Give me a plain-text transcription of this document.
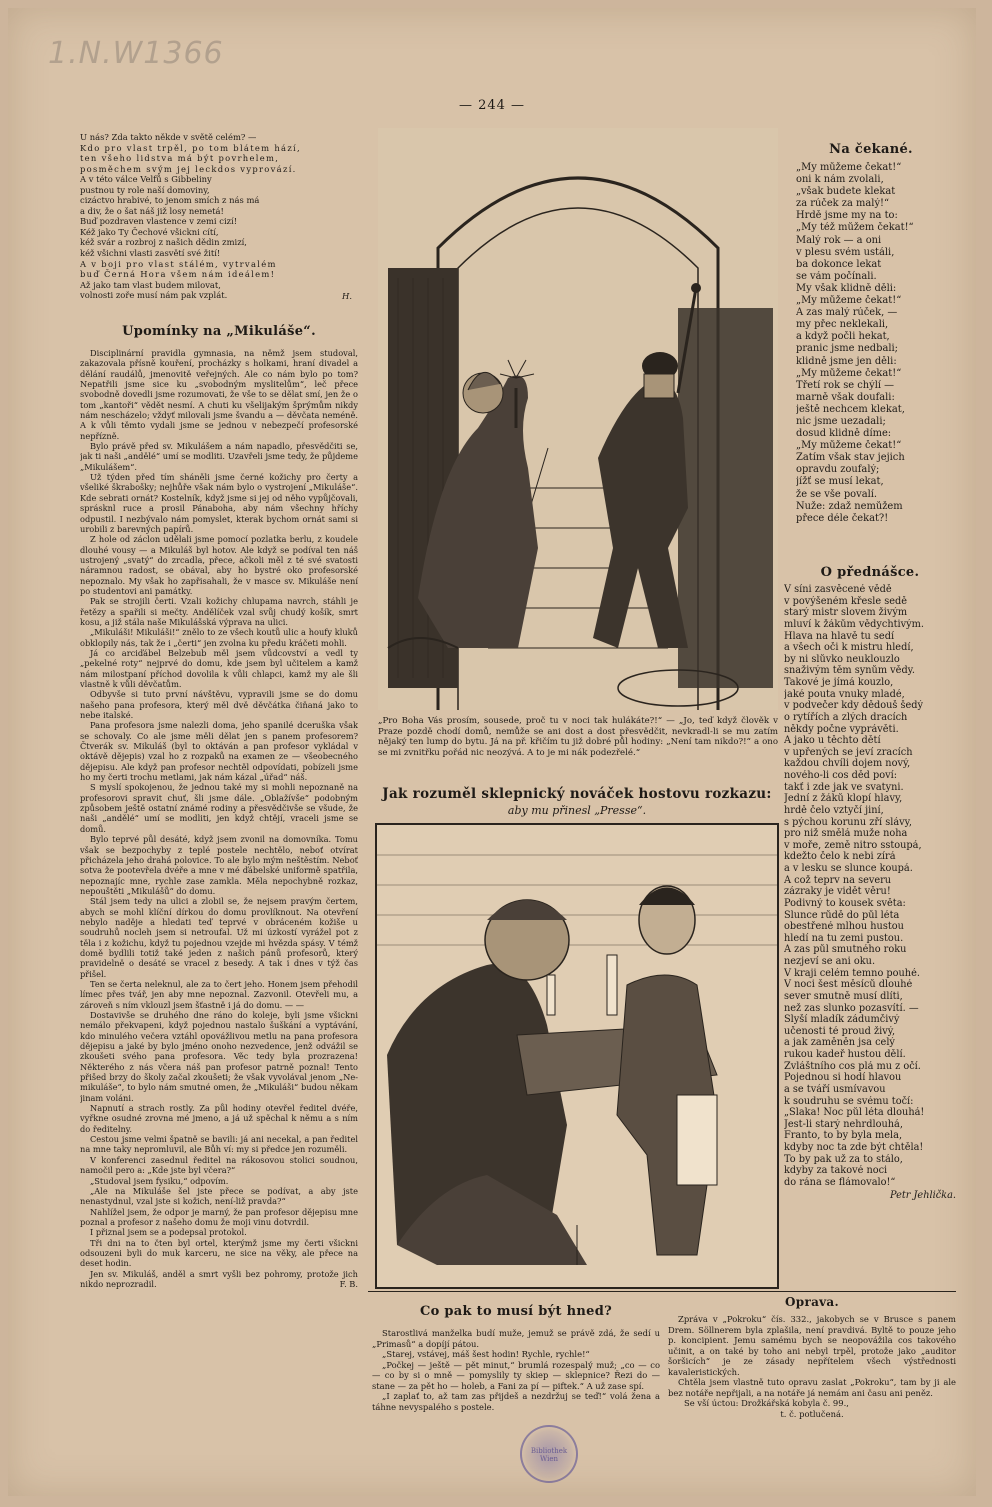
1.N.W1366
— 244 —
U nás? Zda takto někde v světě celém? —
Kdo pro vlast trpěl, po tom blátem hází,
ten všeho lidstva má být povrhelem,
posměchem svým jej leckdos vyprovází.
A v této válce Velfů s Gibbeliny
pustnou ty role naší domoviny,
cizáctvo hrabivé, to jenom smích z nás má
a div, že o šat náš již losy nemetá!
Buď pozdraven vlastence v zemi cizí!
Kéž jako Ty Čechové všickni cítí,
kéž svár a rozbroj z našich dědin zmizí,
kéž všichni vlasti zasvětí své žití!
A v boji pro vlast stálém, vytrvalém
buď Černá Hora všem nám ideálem!
Až jako tam vlast budem milovat,
volnosti zoře musí nám pak vzplát.	H.
Upomínky na „Mikuláše“.

Disciplinární pravidla gymnasia, na němž jsem studoval, zakazovala přísně kouření, procházky s holkami, hraní divadel a dělání raudálů, jmenovitě veřejných. Ale co nám bylo po tom? Nepatřili jsme sice ku „svobodným myslitelům“, leč přece svobodně dovedli jsme rozumovati, že vše to se dělat smí, jen že o tom „kantoři“ vědět nesmí. A chuti ku všelijakým šprýmům nikdy nám nescházelo; vždyť milovali jsme švandu a — děvčata neméně. A k vůli těmto vydali jsme se jednou v nebezpečí profesorské nepřízně.

Bylo právě před sv. Mikulášem a nám napadlo, přesvědčiti se, jak ti naši „andělé“ umí se modliti. Uzavřeli jsme tedy, že půjdeme „Mikulášem“.

Už týden před tím sháněli jsme černé kožichy pro čerty a všeliké škrabošky; nejhůře však nám bylo o vystrojení „Mikuláše“. Kde sebrati ornát? Kostelník, když jsme si jej od něho vypůjčovali, sprásknl ruce a prosil Pánaboha, aby nám všechny hříchy odpustil. I nezbývalo nám pomyslet, kterak bychom ornát sami si urobili z barevných papírů.

Z hole od záclon udělali jsme pomocí pozlatka berlu, z koudele dlouhé vousy — a Mikuláš byl hotov. Ale když se podíval ten náš ustrojený „svatý“ do zrcadla, přece, ačkoli měl z té své svatosti náramnou radost, se obával, aby ho bystré oko profesorské nepoznalo. My však ho zapřisahali, že v masce sv. Mikuláše není po studentovi ani památky.

Pak se strojili čerti. Vzali kožichy chlupama navrch, stáhli je řetězy a spařili si mečty. Andělíček vzal svůj chudý košík, smrt kosu, a již stála naše Mikulášská výprava na ulici.

„Mikuláši! Mikuláši!“ znělo to ze všech koutů ulic a houfy kluků obklopily nás, tak že i „čerti“ jen zvolna ku předu kráčeti mohli.

Já co arciďábel Belzebub měl jsem vůdcovství a vedl ty „pekelné roty“ nejprvé do domu, kde jsem byl učitelem a kamž nám milostpaní příchod dovolila k vůli chlapci, kamž my ale šli vlastně k vůli děvčatům.

Odbyvše si tuto první návštěvu, vypravili jsme se do domu našeho pana profesora, který měl dvě děvčátka čiňaná jako to nebe italské.

Pana profesora jsme nalezli doma, jeho spanilé dceruška však se schovaly. Co ale jsme měli dělat jen s panem profesorem? Čtverák sv. Mikuláš (byl to oktáván a pan profesor vykládal v oktávě dějepis) vzal ho z rozpaků na examen ze — všeobecného dějepisu. Ale když pan profesor nechtěl odpovídati, pobízeli jsme ho my čerti trochu metlami, jak nám kázal „úřad“ náš.

S myslí spokojenou, že jednou také my si mohli nepoznaně na profesorovi spravit chuť, šli jsme dále. „Oblažívše“ podobným způsobem ještě ostatní známé rodiny a přesvědčivše se všude, že naši „andělé“ umí se modliti, jen když chtějí, vraceli jsme se domů.

Bylo teprvé půl desáté, když jsem zvonil na domovníka. Tomu však se bezpochyby z teplé postele nechtělo, neboť otvírat přicházela jeho drahá polovice. To ale bylo mým neštěstím. Neboť sotva že pootevřela dvéře a mne v mé ďábelské uniformě spatřila, nepoznajíc mne, rychle zase zamkla. Měla nepochybně rozkaz, nepouštěti „Mikulášů“ do domu.

Stál jsem tedy na ulici a zlobil se, že nejsem pravým čertem, abych se mohl klíční dírkou do domu provlíknout. Na otevření nebylo naděje a hledati teď teprvé v obráceném kožiše u soudruhů nocleh jsem si netroufal. Už mi úzkostí vyrážel pot z těla i z kožichu, když tu pojednou vzejde mi hvězda spásy. V témž domě bydlili totiž také jeden z našich pánů profesorů, který pravidelně o desáté se vracel z besedy. A tak i dnes v týž čas přišel.

Ten se čerta neleknul, ale za to čert jeho. Honem jsem přehodil límec přes tvář, jen aby mne nepoznal. Zazvonil. Otevřeli mu, a zároveň s ním vklouzl jsem šťastně i já do domu. — —

Dostavivše se druhého dne ráno do koleje, byli jsme všickni nemálo překvapeni, když pojednou nastalo šuškání a vyptávání, kdo minulého večera vztáhl opovážlivou metlu na pana profesora dějepisu a jaké by bylo jméno onoho nezvedence, jenž odvážil se zkoušeti svého pana profesora. Věc tedy byla prozrazena! Některého z nás včera náš pan profesor patrně poznal! Tento přišed brzy do školy začal zkoušeti; že však vyvolával jenom „Ne-mikuláše“, to bylo nám smutné omen, že „Mikuláši“ budou někam jinam voláni.

Napnutí a strach rostly. Za půl hodiny otevřel ředitel dvéře, vyřkne osudné zrovna mé jmeno, a já už spěchal k němu a s ním do ředitelny.

Cestou jsme velmi špatně se bavili: já ani necekal, a pan ředitel na mne taky nepromluvil, ale Bůh ví: my si předce jen rozuměli.

V konferenci zasednul ředitel na rákosovou stolici soudnou, namočil pero a: „Kde jste byl včera?“

„Studoval jsem fysiku,“ odpovím.

„Ale na Mikuláše šel jste přece se podívat, a aby jste nenastydnul, vzal jste si kožich, není-liž pravda?“

Nahlížel jsem, že odpor je marný, že pan profesor dějepisu mne poznal a profesor z našeho domu že moji vinu dotvrdil.

I přiznal jsem se a podepsal protokol.

Tři dni na to čten byl ortel, kterýmž jsme my čerti všickni odsouzeni byli do muk karceru, ne sice na věky, ale přece na deset hodin.

Jen sv. Mikuláš, anděl a smrt vyšli bez pohromy, protože jich nikdo neprozradil.	F. B.
„Pro Boha Vás prosím, sousede, proč tu v noci tak hulákáte?!“ — „Jo, teď když člověk v Praze pozdě chodí domů, nemůže se ani dost a dost přesvědčit, nevkradl-li se mu zatím nějaký ten lump do bytu. Já na př. křičím tu již dobré půl hodiny: „Není tam nikdo?!“ a ono se mi zvnitřku pořád nic neozývá. A to je mi nák podezřelé.“
Jak rozuměl sklepnický nováček hostovu rozkazu:
aby mu přinesl „Presse“.
Na čekané.
„My můžeme čekat!“
oni k nám zvolali,
„však budete klekat
za rúček za malý!“
Hrdě jsme my na to:
„My též můžem čekat!“
Malý rok — a oni
v plesu svém ustáli,
ba dokonce lekat
se vám počínali.
My však klidně děli:
„My můžeme čekat!“
A zas malý rúček, —
my přec neklekali,
a když počli hekat,
pranic jsme nedbali;
klidně jsme jen děli:
„My můžeme čekat!“
Třetí rok se chýlí —
marně však doufali:
ještě nechcem klekat,
nic jsme uezadali;
dosud klidně díme:
„My můžeme čekat!“
Zatím však stav jejich
opravdu zoufalý;
jížť se musí lekat,
že se vše povalí.
Nuže: zdaž nemůžem
přece déle čekat?!
O přednášce.
V síni zasvěcené vědě
v povýšeném křesle sedě
starý mistr slovem živým
mluví k žákům vědychtivým.
Hlava na hlavě tu sedí
a všech oči k mistru hledí,
by ni slůvko neuklouzlo
snaživým těm synům vědy.
Takové je jímá kouzlo,
jaké pouta vnuky mladé,
v podvečer kdy dědouš šedý
o rytířích a zlých dracích
někdy počne vyprávěti.
A jako u těchto dětí
v upřených se jeví zracích
každou chvíli dojem nový,
nového-li cos děd poví:
takť i zde jak ve svatyni.
Jední z žáků klopí hlavy,
hrdě čelo vztyčí jiní,
s pýchou korunu zří slávy,
pro niž smělá muže noha
v moře, země nitro sstoupá,
kdežto čelo k nebi zírá
a v lesku se slunce koupá.
A což teprv na severu
zázraky je vidět věru!
Podivný to kousek světa:
Slunce růdě do půl léta
obestřené mlhou hustou
hledí na tu zemi pustou.
A zas půl smutného roku
nezjeví se ani oku.
V kraji celém temno pouhé.
V noci šest měsíců dlouhé
sever smutně musí dlíti,
než zas slunko pozasvítí. —
Slyší mladík zádumčivý
učenosti té proud živý,
a jak zaměněn jsa celý
rukou kadeř hustou dělí.
Zvláštního cos plá mu z očí.
Pojednou si hodí hlavou
a se tváří usmívavou
k soudruhu se svému točí:
„Šlaka! Noc půl léta dlouhá!
Jest-li starý nehrdlouhá,
Franto, to by byla mela,
kdyby noc ta zde být chtěla!
To by pak už za to stálo,
kdyby za takové noci
do rána se flámovalo!“
Petr Jehlička.
Co pak to musí být hned?

Starostlivá manželka budí muže, jemuž se právě zdá, že sedí u „Primasů“ a dopíjí pátou.

„Starej, vstávej, máš šest hodin! Rychle, rychle!“

„Počkej — ještě — pět minut,“ brumlá rozespalý muž; „co — co — co by si o mně — pomyslily ty skiep — sklepnice? Řezi do — stane — za pět ho — holeb, a Fani za pí — piftek.“ A už zase spí.

„I zaplať to, až tam zas přijdeš a nezdržuj se teď!“ volá žena a táhne nevyspalého s postele.

Oprava.

Zpráva v „Pokroku“ čís. 332., jakobych se v Brusce s panem Drem. Söllnerem byla zplašila, není pravdivá. Byltě to pouze jeho p. koncipient. Jemu samému bych se neopovážila cos takového učinit, a on také by toho ani nebyl trpěl, protože jako „auditor šoršicích“ je ze zásady nepřítelem všech výstřednosti kavaleristických.

Chtěla jsem vlastně tuto opravu zaslat „Pokroku“, tam by ji ale bez notáře nepřijali, a na notáře já nemám ani času ani peněz.

Se vší úctou: Drožkářská kobyla č. 99.,

t. č. potlučená.

Bibliothek Wien
